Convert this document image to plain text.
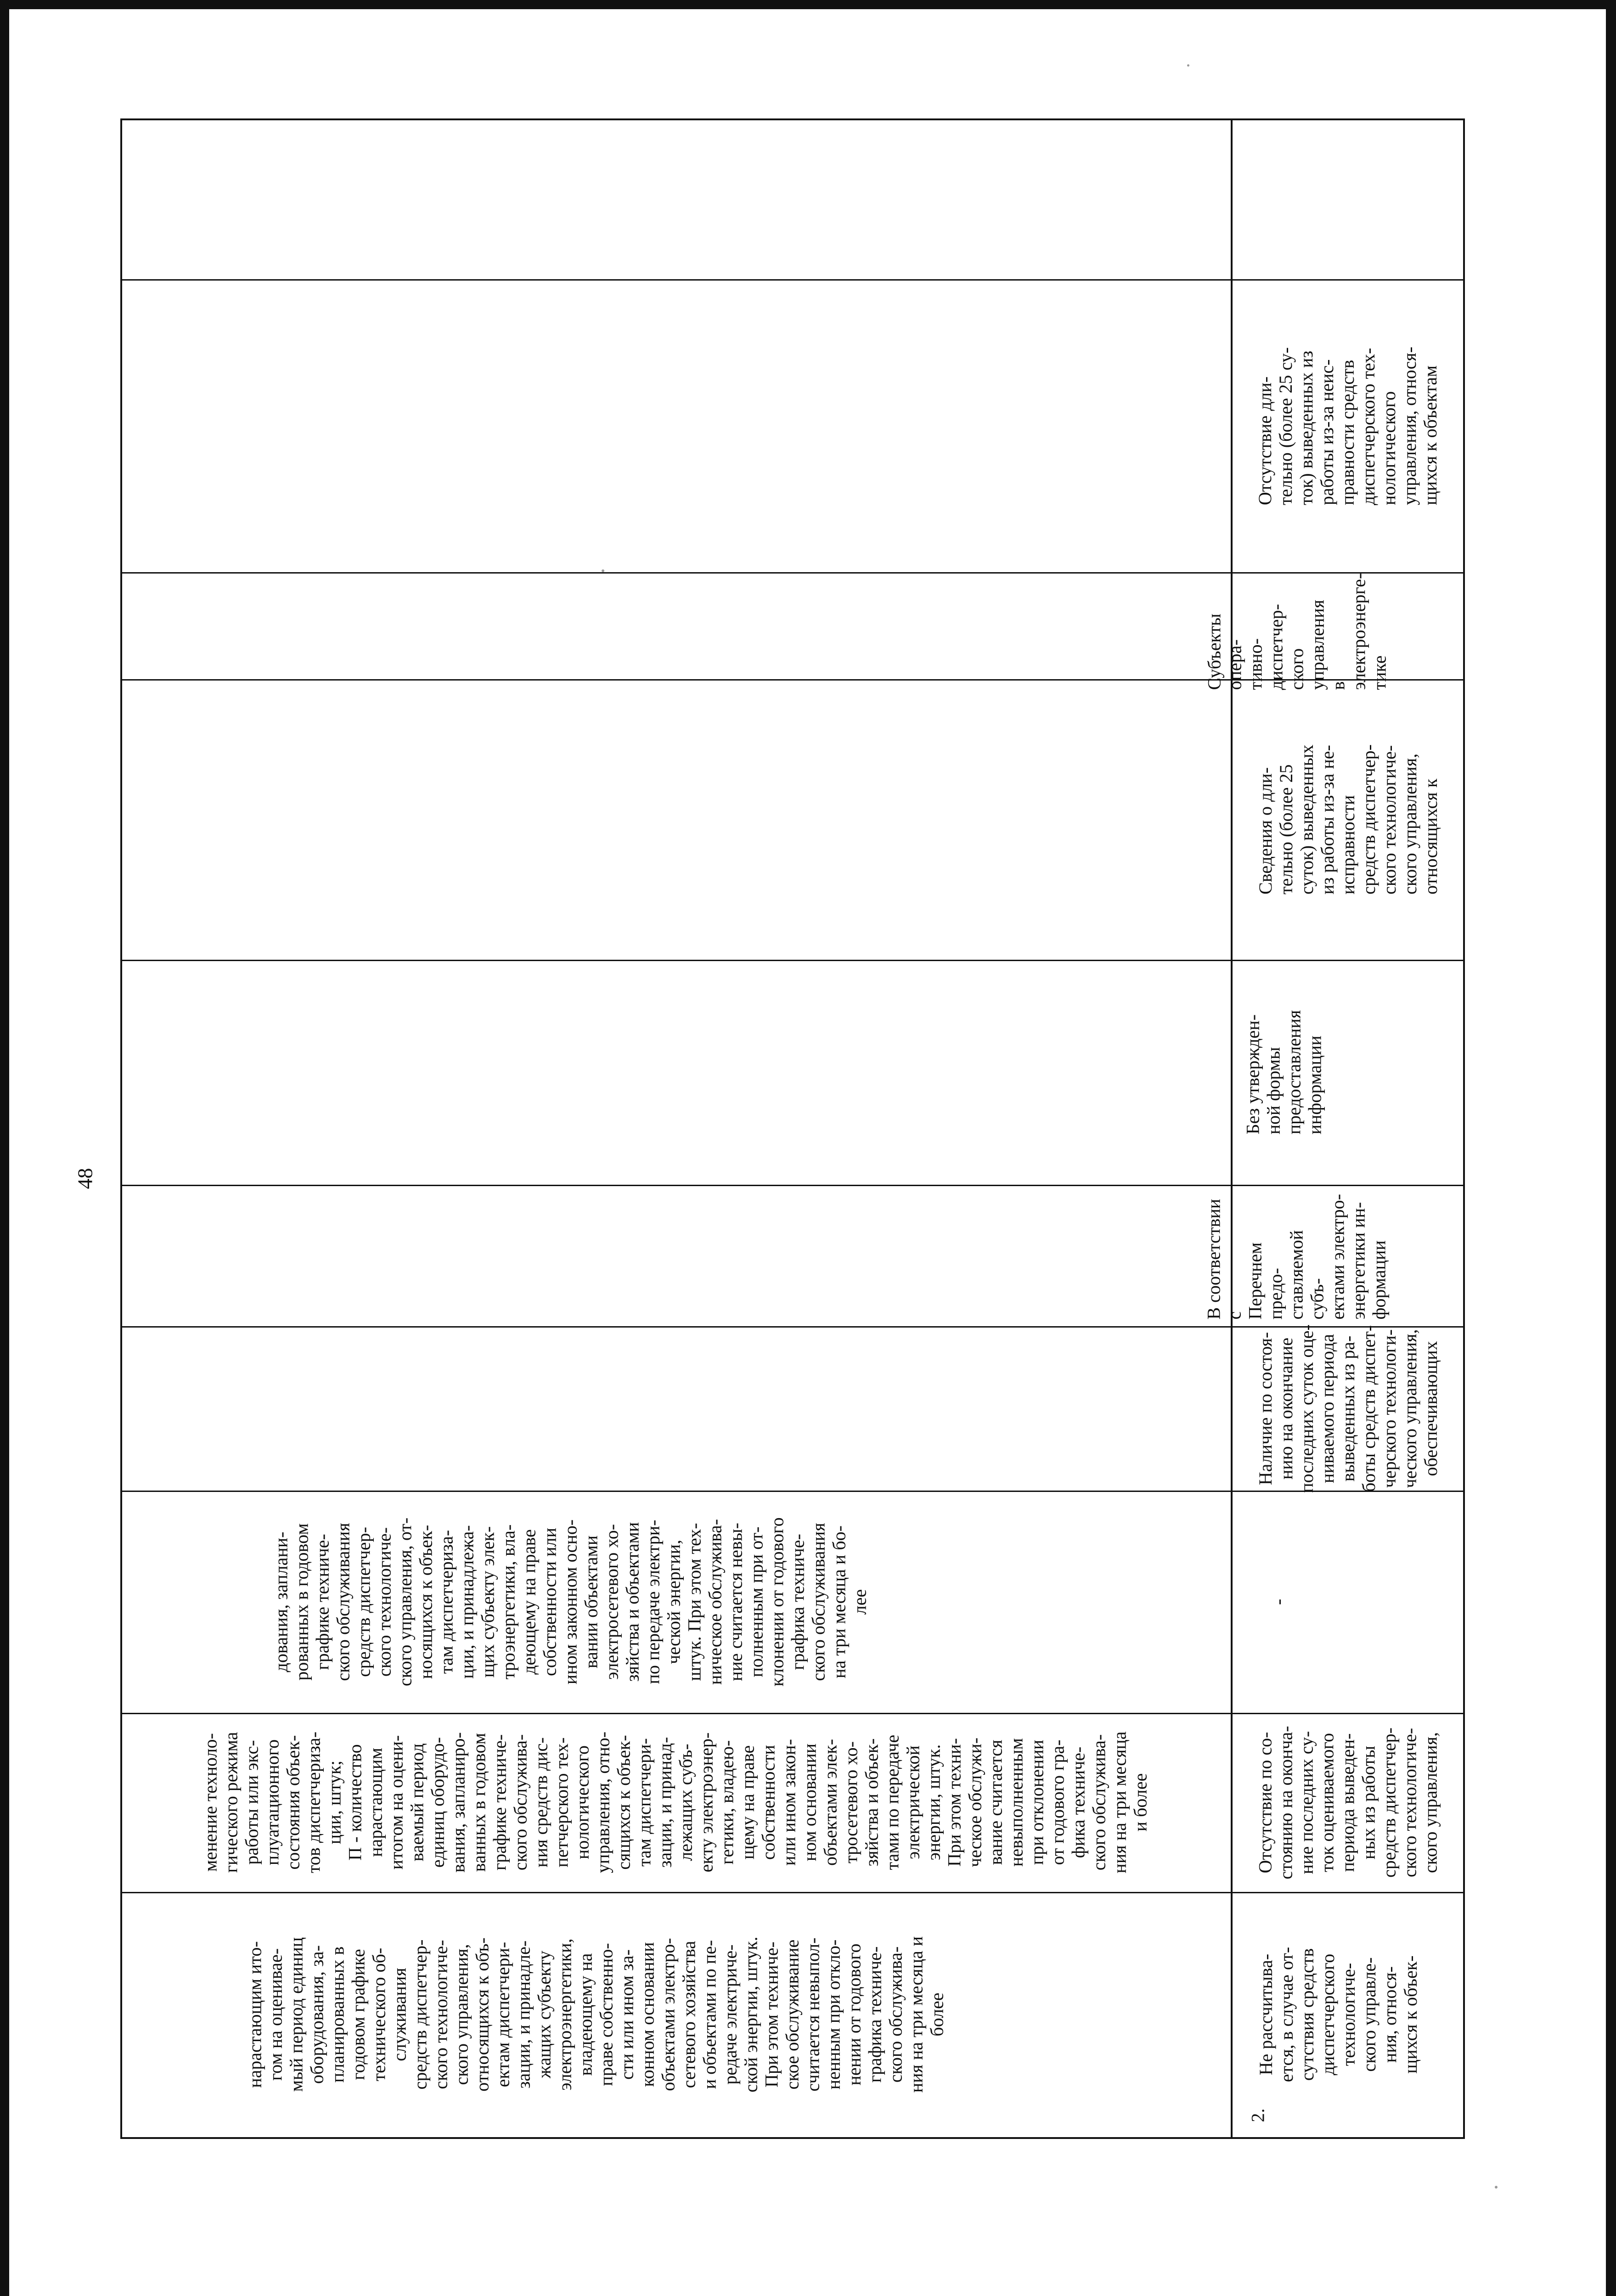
48
дования, заплани-
рованных в годовом
графике техниче-
ского обслуживания
средств диспетчер-
ского технологиче-
ского управления, от-
носящихся к объек-
там диспетчериза-
ции, и принадлежа-
щих субъекту элек-
троэнергетики, вла-
деющему на праве
собственности или
ином законном осно-
вании объектами
электросетевого хо-
зяйства и объектами
по передаче электри-
ческой энергии,
штук. При этом тех-
ническое обслужива-
ние считается невы-
полненным при от-
клонении от годового
графика техниче-
ского обслуживания
на три месяца и бо-
лее
менение техноло-
гического режима
работы или экс-
плуатационного
состояния объек-
тов диспетчериза-
ции, штук;
П - количество
нарастающим
итогом на оцени-
ваемый период
единиц оборудо-
вания, запланиро-
ванных в годовом
графике техниче-
ского обслужива-
ния средств дис-
петчерского тех-
нологического
управления, отно-
сящихся к объек-
там диспетчери-
зации, и принад-
лежащих субъ-
екту электроэнер-
гетики, владею-
щему на праве
собственности
или ином закон-
ном основании
объектами элек-
тросетевого хо-
зяйства и объек-
тами по передаче
электрической
энергии, штук.
При этом техни-
ческое обслужи-
вание считается
невыполненным
при отклонении
от годового гра-
фика техниче-
ского обслужива-
ния на три месяца
и более
нарастающим ито-
гом на оценивае-
мый период единиц
оборудования, за-
планированных в
годовом графике
технического об-
служивания
средств диспетчер-
ского технологиче-
ского управления,
относящихся к объ-
ектам диспетчери-
зации, и принадле-
жащих субъекту
электроэнергетики,
владеющему на
праве собственно-
сти или ином за-
конном основании
объектами электро-
сетевого хозяйства
и объектами по пе-
редаче электриче-
ской энергии, штук.
При этом техниче-
ское обслуживание
считается невыпол-
ненным при откло-
нении от годового
графика техниче-
ского обслужива-
ния на три месяца и
более
2.
Отсутствие дли-
тельно (более 25 су-
ток) выведенных из
работы из-за неис-
правности средств
диспетчерского тех-
нологического
управления, относя-
щихся к объектам
Субъекты опера-
тивно-диспетчер-
ского управления
в электроэнерге-
тике
Сведения о дли-
тельно (более 25
суток) выведенных
из работы из-за не-
исправности
средств диспетчер-
ского технологиче-
ского управления,
относящихся к
Без утвержден-
ной формы
предоставления
информации
В соответствии с
Перечнем предо-
ставляемой субъ-
ектами электро-
энергетики ин-
формации
Наличие по состоя-
нию на окончание
последних суток оце-
ниваемого периода
выведенных из ра-
боты средств диспет-
черского технологи-
ческого управления,
обеспечивающих
-
Отсутствие по со-
стоянию на оконча-
ние последних су-
ток оцениваемого
периода выведен-
ных из работы
средств диспетчер-
ского технологиче-
ского управления,
Не рассчитыва-
ется, в случае от-
сутствия средств
диспетчерского
технологиче-
ского управле-
ния, относя-
щихся к объек-
